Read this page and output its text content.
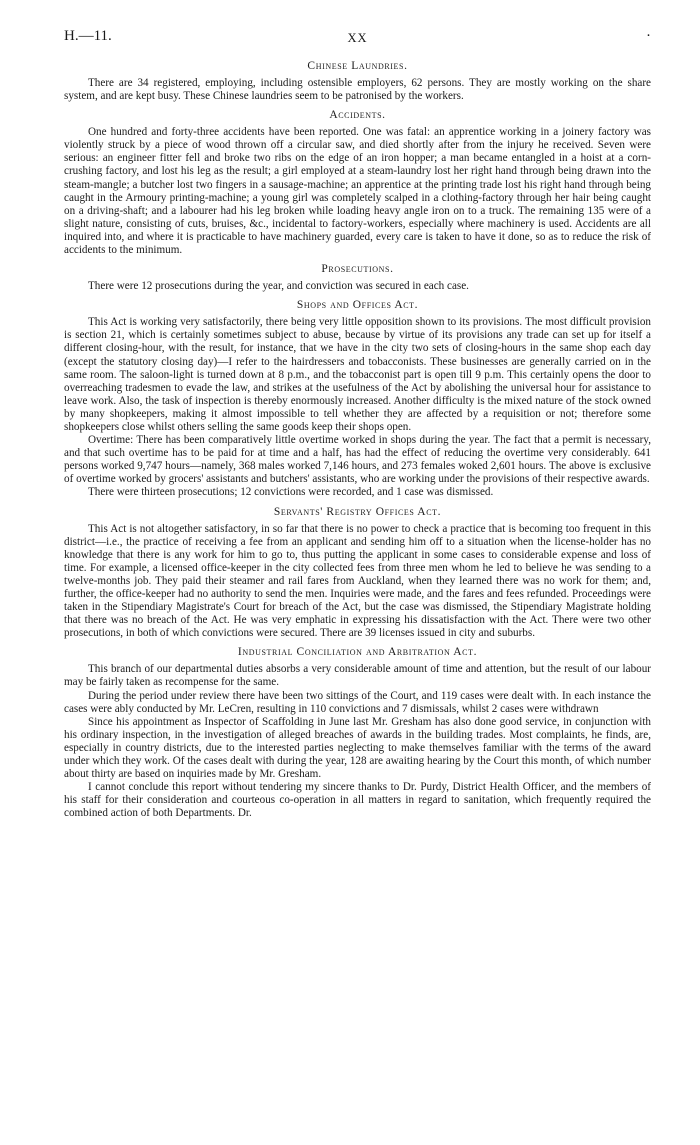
H.—11.	XX	·
Chinese Laundries.

There are 34 registered, employing, including ostensible employers, 62 persons. They are mostly working on the share system, and are kept busy. These Chinese laundries seem to be patronised by the workers.

Accidents.

One hundred and forty-three accidents have been reported. One was fatal: an apprentice working in a joinery factory was violently struck by a piece of wood thrown off a circular saw, and died shortly after from the injury he received. Seven were serious: an engineer fitter fell and broke two ribs on the edge of an iron hopper; a man became entangled in a hoist at a corn-crushing factory, and lost his leg as the result; a girl employed at a steam-laundry lost her right hand through being drawn into the steam-mangle; a butcher lost two fingers in a sausage-machine; an apprentice at the printing trade lost his right hand through being caught in the Armoury printing-machine; a young girl was completely scalped in a clothing-factory through her hair being caught on a driving-shaft; and a labourer had his leg broken while loading heavy angle iron on to a truck. The remaining 135 were of a slight nature, consisting of cuts, bruises, &c., incidental to factory-workers, especially where machinery is used. Accidents are all inquired into, and where it is practicable to have machinery guarded, every care is taken to have it done, so as to reduce the risk of accidents to the minimum.

Prosecutions.

There were 12 prosecutions during the year, and conviction was secured in each case.

Shops and Offices Act.

This Act is working very satisfactorily, there being very little opposition shown to its provisions. The most difficult provision is section 21, which is certainly sometimes subject to abuse, because by virtue of its provisions any trade can set up for itself a different closing-hour, with the result, for instance, that we have in the city two sets of closing-hours in the same shop each day (except the statutory closing day)—I refer to the hairdressers and tobacconists. These businesses are generally carried on in the same room. The saloon-light is turned down at 8 p.m., and the tobacconist part is open till 9 p.m. This certainly opens the door to overreaching tradesmen to evade the law, and strikes at the usefulness of the Act by abolishing the universal hour for assistance to leave work. Also, the task of inspection is thereby enormously increased. Another difficulty is the mixed nature of the stock owned by many shopkeepers, making it almost impossible to tell whether they are affected by a requisition or not; therefore some shopkeepers close whilst others selling the same goods keep their shops open.

Overtime: There has been comparatively little overtime worked in shops during the year. The fact that a permit is necessary, and that such overtime has to be paid for at time and a half, has had the effect of reducing the overtime very considerably. 641 persons worked 9,747 hours—namely, 368 males worked 7,146 hours, and 273 females woked 2,601 hours. The above is exclusive of overtime worked by grocers' assistants and butchers' assistants, who are working under the provisions of their respective awards.

There were thirteen prosecutions; 12 convictions were recorded, and 1 case was dismissed.

Servants' Registry Offices Act.

This Act is not altogether satisfactory, in so far that there is no power to check a practice that is becoming too frequent in this district—i.e., the practice of receiving a fee from an applicant and sending him off to a situation when the license-holder has no knowledge that there is any work for him to go to, thus putting the applicant in some cases to considerable expense and loss of time. For example, a licensed office-keeper in the city collected fees from three men whom he led to believe he was sending to a twelve-months job. They paid their steamer and rail fares from Auckland, when they learned there was no work for them; and, further, the office-keeper had no authority to send the men. Inquiries were made, and the fares and fees refunded. Proceedings were taken in the Stipendiary Magistrate's Court for breach of the Act, but the case was dismissed, the Stipendiary Magistrate holding that there was no breach of the Act. He was very emphatic in expressing his dissatisfaction with the Act. There were two other prosecutions, in both of which convictions were secured. There are 39 licenses issued in city and suburbs.

Industrial Conciliation and Arbitration Act.

This branch of our departmental duties absorbs a very considerable amount of time and attention, but the result of our labour may be fairly taken as recompense for the same.

During the period under review there have been two sittings of the Court, and 119 cases were dealt with. In each instance the cases were ably conducted by Mr. LeCren, resulting in 110 convictions and 7 dismissals, whilst 2 cases were withdrawn

Since his appointment as Inspector of Scaffolding in June last Mr. Gresham has also done good service, in conjunction with his ordinary inspection, in the investigation of alleged breaches of awards in the building trades. Most complaints, he finds, are, especially in country districts, due to the interested parties neglecting to make themselves familiar with the terms of the award under which they work. Of the cases dealt with during the year, 128 are awaiting hearing by the Court this month, of which number about thirty are based on inquiries made by Mr. Gresham.

I cannot conclude this report without tendering my sincere thanks to Dr. Purdy, District Health Officer, and the members of his staff for their consideration and courteous co-operation in all matters in regard to sanitation, which frequently required the combined action of both Departments. Dr.
